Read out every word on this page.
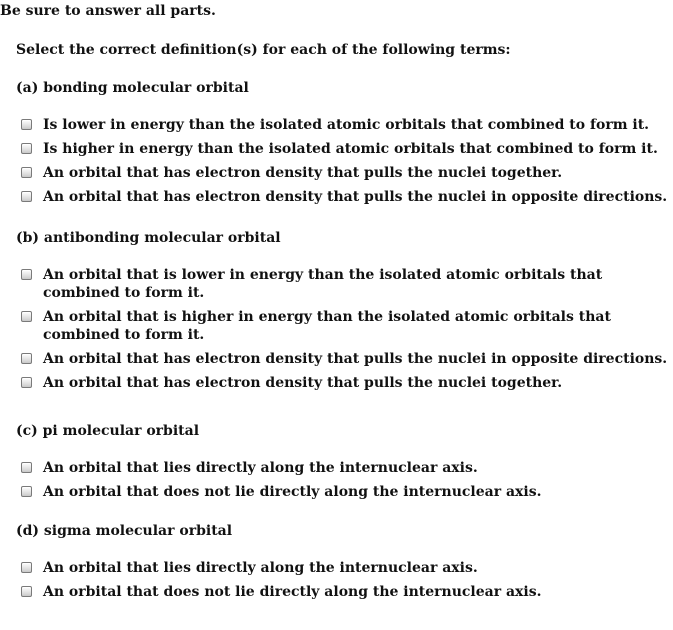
Be sure to answer all parts.
Select the correct definition(s) for each of the following terms:
(a) bonding molecular orbital
Is lower in energy than the isolated atomic orbitals that combined to form it.
Is higher in energy than the isolated atomic orbitals that combined to form it.
An orbital that has electron density that pulls the nuclei together.
An orbital that has electron density that pulls the nuclei in opposite directions.
(b) antibonding molecular orbital
An orbital that is lower in energy than the isolated atomic orbitals that combined to form it.
An orbital that is higher in energy than the isolated atomic orbitals that combined to form it.
An orbital that has electron density that pulls the nuclei in opposite directions.
An orbital that has electron density that pulls the nuclei together.
(c) pi molecular orbital
An orbital that lies directly along the internuclear axis.
An orbital that does not lie directly along the internuclear axis.
(d) sigma molecular orbital
An orbital that lies directly along the internuclear axis.
An orbital that does not lie directly along the internuclear axis.
